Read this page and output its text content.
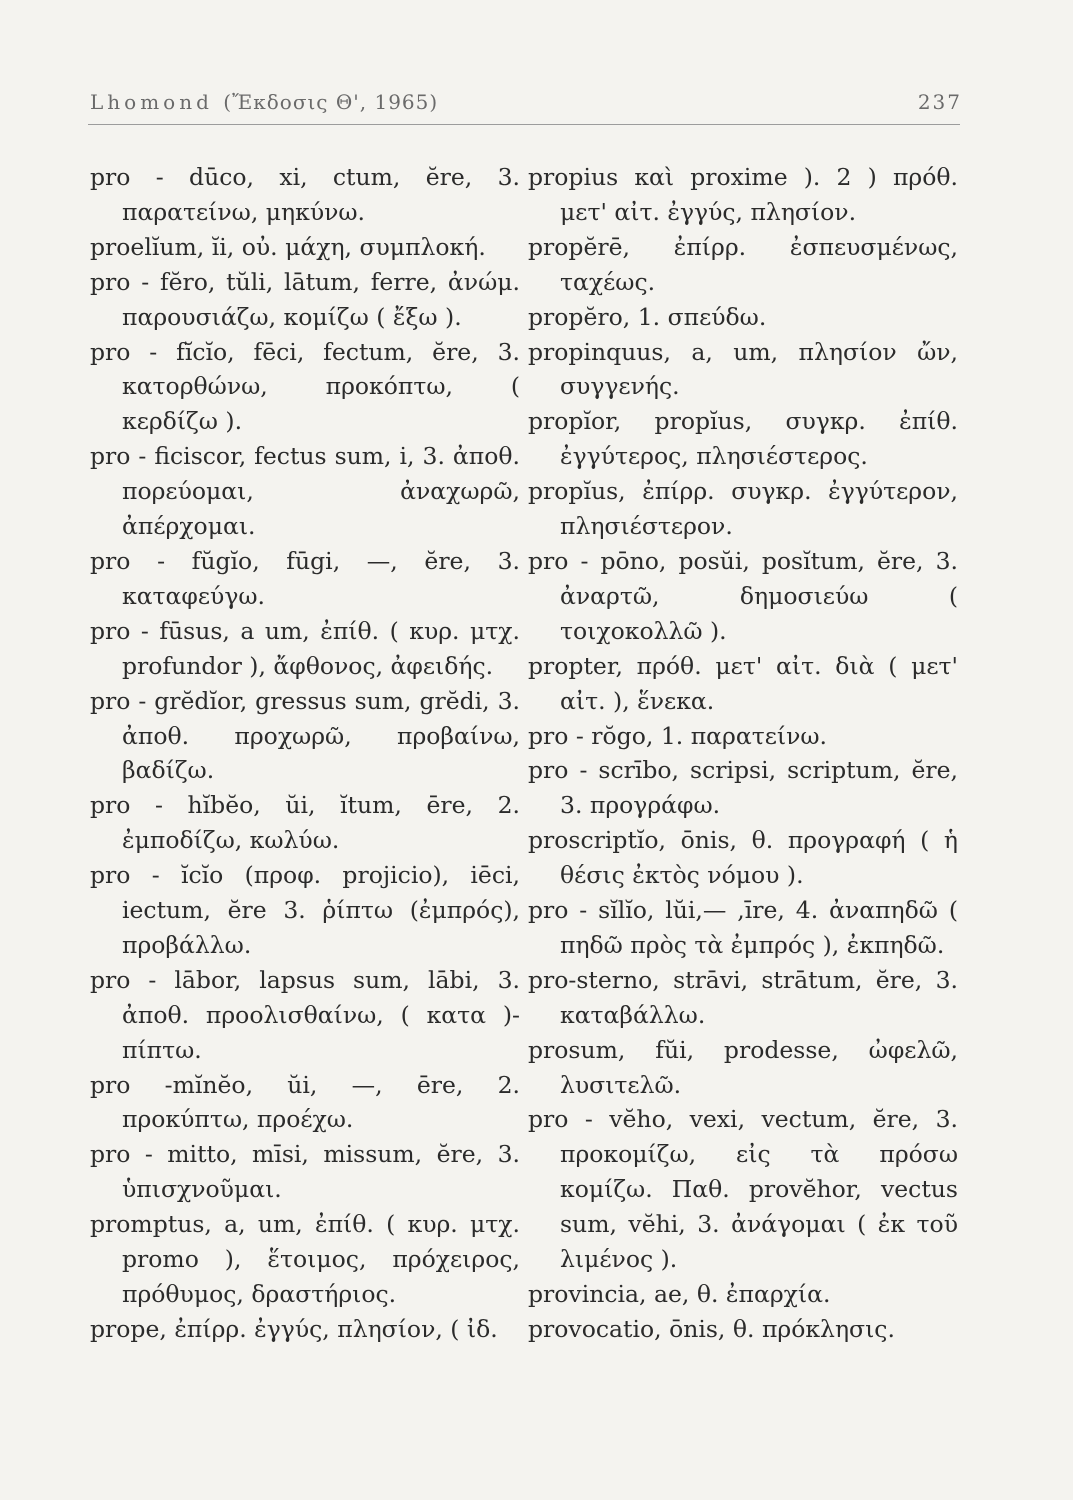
Lhomond (Ἔκδοσις Θ', 1965)	237

pro - dūco, xi, ctum, ĕre, 3. παρατείνω, μηκύνω.

proelĭum, ĭi, οὐ. μάχη, συμπλοκή.

pro - fĕro, tŭli, lātum, ferre, ἀνώμ. παρουσιάζω, κομίζω ( ἔξω ).

pro - fĭcĭo, fēci, fectum, ĕre, 3. κατορθώνω, προκόπτω, ( κερδίζω ).

pro - ficiscor, fectus sum, i, 3. ἀποθ. πορεύομαι, ἀναχωρῶ, ἀπέρχομαι.

pro - fŭgĭo, fūgi, —, ĕre, 3. καταφεύγω.

pro - fūsus, a um, ἐπίθ. ( κυρ. μτχ. profundor ), ἄφθονος, ἀφειδής.

pro - grĕdĭor, gressus sum, grĕdi, 3. ἀποθ. προχωρῶ, προβαίνω, βαδίζω.

pro - hĭbĕo, ŭi, ĭtum, ēre, 2. ἐμποδίζω, κωλύω.

pro - ĭcĭo (προφ. projicio), iēci, iectum, ĕre 3. ῥίπτω (ἐμπρός), προβάλλω.

pro - lābor, lapsus sum, lābi, 3. ἀποθ. προολισθαίνω, ( κατα )-πίπτω.

pro -mĭnĕo, ŭi, —, ēre, 2. προκύπτω, προέχω.

pro - mitto, mīsi, missum, ĕre, 3. ὑπισχνοῦμαι.

promptus, a, um, ἐπίθ. ( κυρ. μτχ. promo ), ἕτοιμος, πρόχειρος, πρόθυμος, δραστήριος.

prope, ἐπίρρ. ἐγγύς, πλησίον, ( ἰδ.

propius καὶ proxime ). 2 ) πρόθ. μετ' αἰτ. ἐγγύς, πλησίον.

propĕrē, ἐπίρρ. ἐσπευσμένως, ταχέως.

propĕro, 1. σπεύδω.

propinquus, a, um, πλησίον ὤν, συγγενής.

propĭor, propĭus, συγκρ. ἐπίθ. ἐγγύτερος, πλησιέστερος.

propĭus, ἐπίρρ. συγκρ. ἐγγύτερον, πλησιέστερον.

pro - pōno, posŭi, posĭtum, ĕre, 3. ἀναρτῶ, δημοσιεύω ( τοιχοκολλῶ ).

propter, πρόθ. μετ' αἰτ. διὰ ( μετ' αἰτ. ), ἕνεκα.

pro - rŏgo, 1. παρατείνω.

pro - scrībo, scripsi, scriptum, ĕre, 3. προγράφω.

proscriptĭo, ōnis, θ. προγραφή ( ἡ θέσις ἐκτὸς νόμου ).

pro - sĭlĭo, lŭi,— ,īre, 4. ἀναπηδῶ ( πηδῶ πρὸς τὰ ἐμπρός ), ἐκπηδῶ.

pro-sterno, strāvi, strātum, ĕre, 3. καταβάλλω.

prosum, fŭi, prodesse, ὠφελῶ, λυσιτελῶ.

pro - vĕho, vexi, vectum, ĕre, 3. προκομίζω, εἰς τὰ πρόσω κομίζω. Παθ. provĕhor, vectus sum, vĕhi, 3. ἀνάγομαι ( ἐκ τοῦ λιμένος ).

provincia, ae, θ. ἐπαρχία.

provocatio, ōnis, θ. πρόκλησις.
